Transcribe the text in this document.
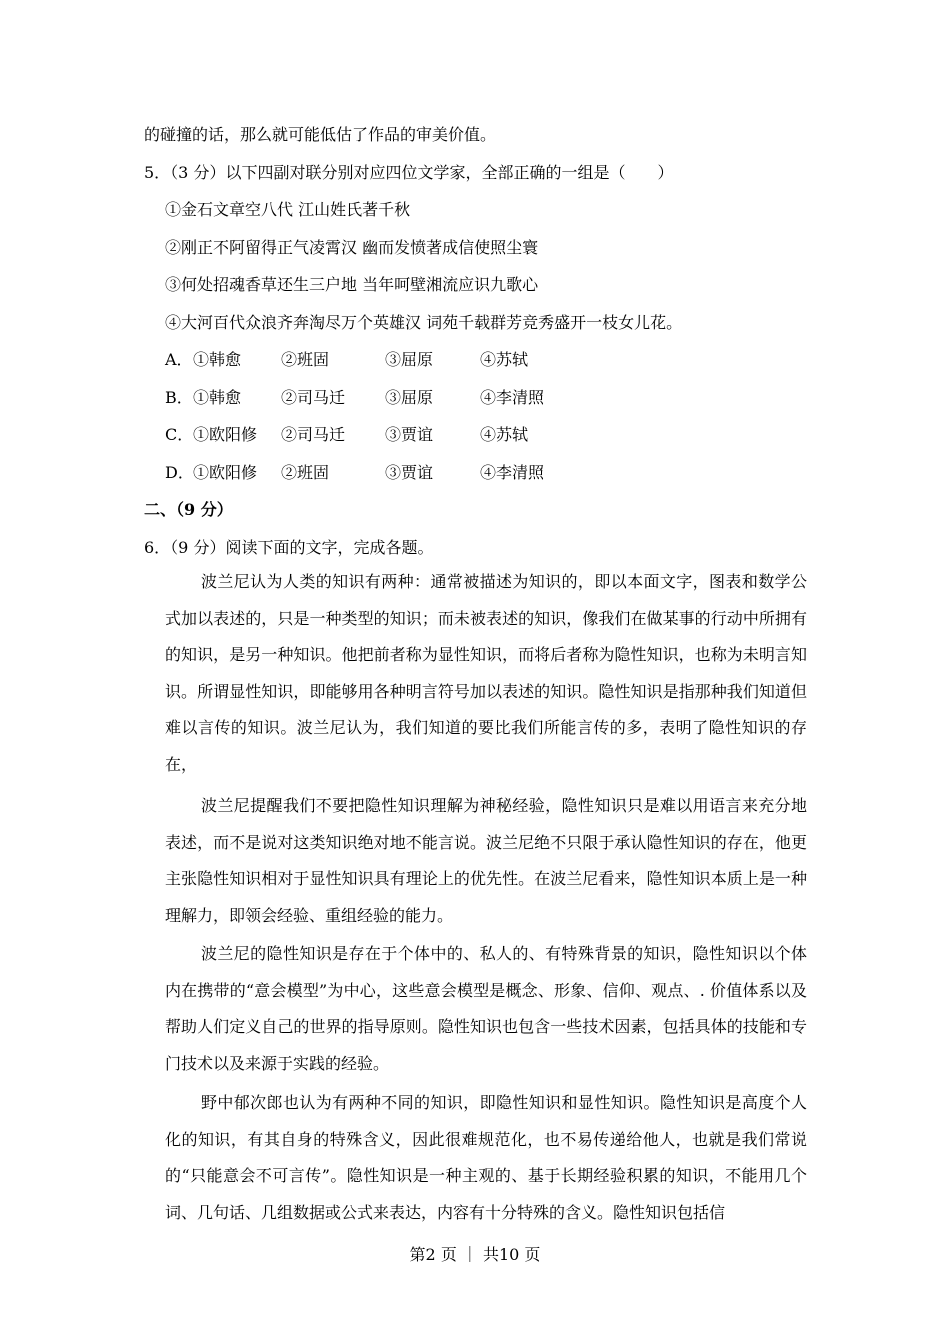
的碰撞的话，那么就可能低估了作品的审美价值。
5．（3 分）以下四副对联分别对应四位文学家，全部正确的一组是（　　）
①金石文章空八代 江山姓氏著千秋
②刚正不阿留得正气凌霄汉 幽而发愤著成信使照尘寰
③何处招魂香草还生三户地 当年呵壁湘流应识九歌心
④大河百代众浪齐奔淘尽万个英雄汉 词苑千载群芳竞秀盛开一枝女儿花。
A． ①韩愈 ②班固	③屈原	④苏轼
B． ①韩愈 ②司马迁 ③屈原	④李清照
C． ①欧阳修 ②司马迁 ③贾谊	④苏轼
D． ①欧阳修 ②班固	③贾谊	④李清照
二、（9 分）
6．（9 分）阅读下面的文字，完成各题。
波兰尼认为人类的知识有两种：通常被描述为知识的，即以本面文字，图表和数学公式加以表述的，只是一种类型的知识；而未被表述的知识，像我们在做某事的行动中所拥有的知识，是另一种知识。他把前者称为显性知识，而将后者称为隐性知识，也称为未明言知识。所谓显性知识，即能够用各种明言符号加以表述的知识。隐性知识是指那种我们知道但难以言传的知识。波兰尼认为，我们知道的要比我们所能言传的多，表明了隐性知识的存在，
波兰尼提醒我们不要把隐性知识理解为神秘经验，隐性知识只是难以用语言来充分地表述，而不是说对这类知识绝对地不能言说。波兰尼绝不只限于承认隐性知识的存在，他更主张隐性知识相对于显性知识具有理论上的优先性。在波兰尼看来，隐性知识本质上是一种理解力，即领会经验、重组经验的能力。
波兰尼的隐性知识是存在于个体中的、私人的、有特殊背景的知识，隐性知识以个体内在携带的“意会模型”为中心，这些意会模型是概念、形象、信仰、观点、. 价值体系以及帮助人们定义自己的世界的指导原则。隐性知识也包含一些技术因素，包括具体的技能和专门技术以及来源于实践的经验。
野中郁次郎也认为有两种不同的知识，即隐性知识和显性知识。隐性知识是高度个人化的知识，有其自身的特殊含义，因此很难规范化，也不易传递给他人，也就是我们常说的“只能意会不可言传”。隐性知识是一种主观的、基于长期经验积累的知识，不能用几个词、几句话、几组数据或公式来表达，内容有十分特殊的含义。隐性知识包括信
第2 页 ｜ 共10 页
